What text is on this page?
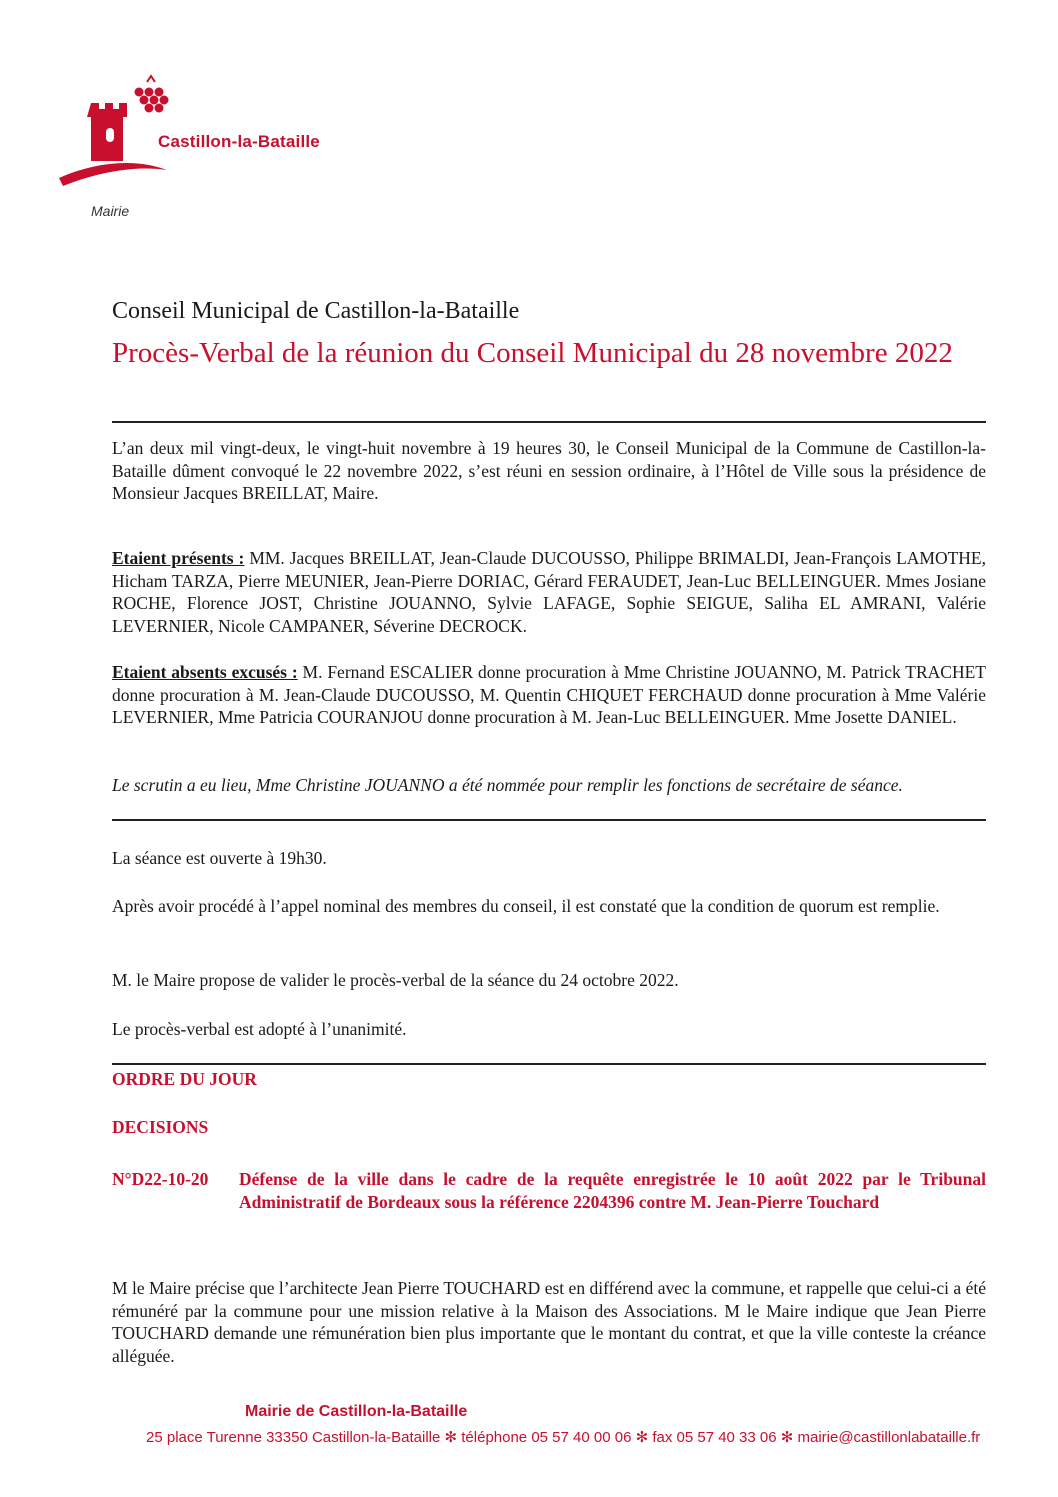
Castillon-la-Bataille
Mairie
Conseil Municipal de Castillon-la-Bataille
Procès-Verbal de la réunion du Conseil Municipal du 28 novembre 2022
L’an deux mil vingt-deux, le vingt-huit novembre à 19 heures 30, le Conseil Municipal de la Commune de Castillon-la-Bataille dûment convoqué le 22 novembre 2022, s’est réuni en session ordinaire, à l’Hôtel de Ville sous la présidence de Monsieur Jacques BREILLAT, Maire.
Etaient présents : MM. Jacques BREILLAT, Jean-Claude DUCOUSSO, Philippe BRIMALDI, Jean-François LAMOTHE, Hicham TARZA, Pierre MEUNIER, Jean-Pierre DORIAC, Gérard FERAUDET, Jean-Luc BELLEINGUER. Mmes Josiane ROCHE, Florence JOST, Christine JOUANNO, Sylvie LAFAGE, Sophie SEIGUE, Saliha EL AMRANI, Valérie LEVERNIER, Nicole CAMPANER, Séverine DECROCK.
Etaient absents excusés : M. Fernand ESCALIER donne procuration à Mme Christine JOUANNO, M. Patrick TRACHET donne procuration à M. Jean-Claude DUCOUSSO, M. Quentin CHIQUET FERCHAUD donne procuration à Mme Valérie LEVERNIER, Mme Patricia COURANJOU donne procuration à M. Jean-Luc BELLEINGUER. Mme Josette DANIEL.
Le scrutin a eu lieu, Mme Christine JOUANNO a été nommée pour remplir les fonctions de secrétaire de séance.
La séance est ouverte à 19h30.
Après avoir procédé à l’appel nominal des membres du conseil, il est constaté que la condition de quorum est remplie.
M. le Maire propose de valider le procès-verbal de la séance du 24 octobre 2022.
Le procès-verbal est adopté à l’unanimité.
ORDRE DU JOUR
DECISIONS
N°D22-10-20 Défense de la ville dans le cadre de la requête enregistrée le 10 août 2022 par le Tribunal Administratif de Bordeaux sous la référence 2204396 contre M. Jean-Pierre Touchard
M le Maire précise que l’architecte Jean Pierre TOUCHARD est en différend avec la commune, et rappelle que celui-ci a été rémunéré par la commune pour une mission relative à la Maison des Associations. M le Maire indique que Jean Pierre TOUCHARD demande une rémunération bien plus importante que le montant du contrat, et que la ville conteste la créance alléguée.
Mairie de Castillon-la-Bataille
25 place Turenne 33350 Castillon-la-Bataille ✻ téléphone 05 57 40 00 06 ✻ fax 05 57 40 33 06 ✻ mairie@castillonlabataille.fr
